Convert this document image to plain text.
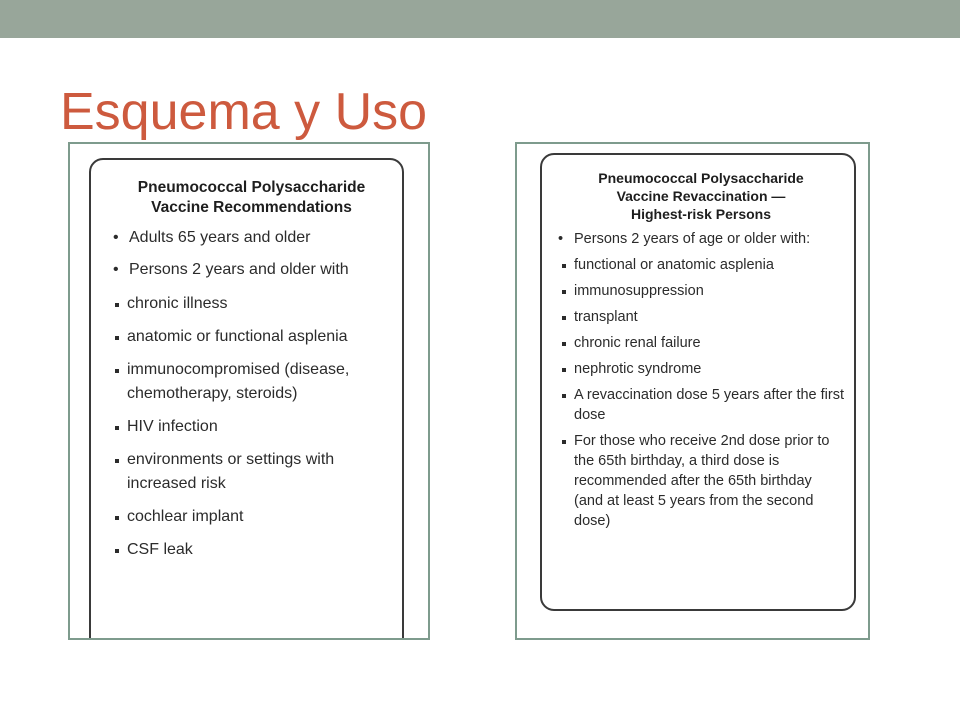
Esquema y Uso
Pneumococcal Polysaccharide
Vaccine Recommendations
• Adults 65 years and older
• Persons 2 years and older with
chronic illness
anatomic or functional asplenia
immunocompromised (disease, chemotherapy, steroids)
HIV infection
environments or settings with increased risk
cochlear implant
CSF leak
Pneumococcal Polysaccharide
Vaccine Revaccination —
Highest-risk Persons
• Persons 2 years of age or older with:
functional or anatomic asplenia
immunosuppression
transplant
chronic renal failure
nephrotic syndrome
A revaccination dose 5 years after the first dose
For those who receive 2nd dose prior to the 65th birthday, a third dose is recommended after the 65th birthday (and at least 5 years from the second dose)
